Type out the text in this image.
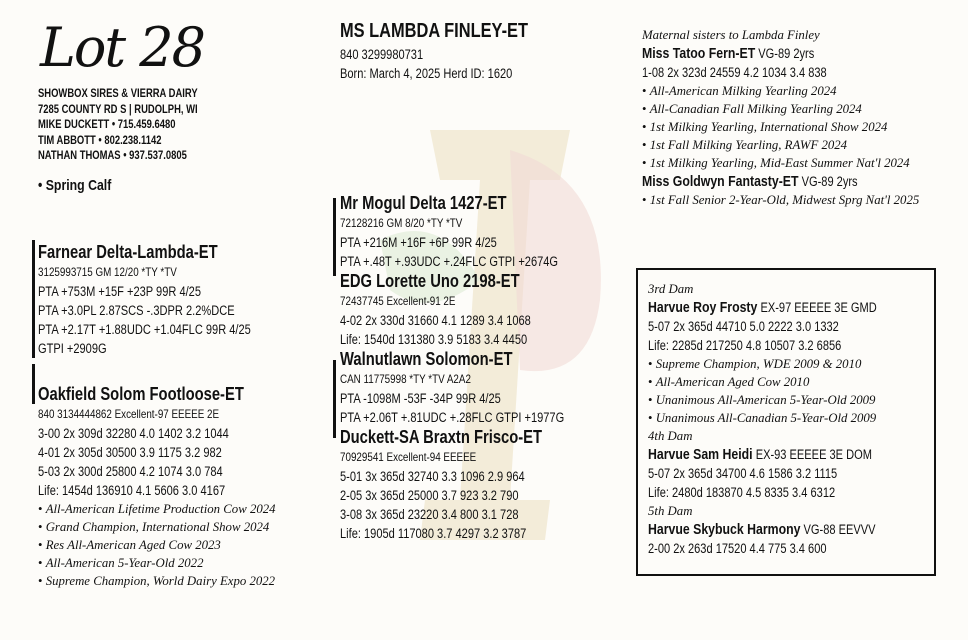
Lot 28
SHOWBOX SIRES & VIERRA DAIRY
7285 COUNTY RD S | RUDOLPH, WI
MIKE DUCKETT • 715.459.6480
TIM ABBOTT • 802.238.1142
NATHAN THOMAS • 937.537.0805
• Spring Calf
Farnear Delta-Lambda-ET
3125993715 GM 12/20 *TY *TV
PTA +753M +15F +23P 99R 4/25
PTA +3.0PL 2.87SCS -.3DPR 2.2%DCE
PTA +2.17T +1.88UDC +1.04FLC 99R 4/25
GTPI +2909G
Oakfield Solom Footloose-ET
840 3134444862 Excellent-97 EEEEE 2E
3-00 2x 309d 32280 4.0 1402 3.2 1044
4-01 2x 305d 30500 3.9 1175 3.2 982
5-03 2x 300d 25800 4.2 1074 3.0 784
Life: 1454d 136910 4.1 5606 3.0 4167
• All-American Lifetime Production Cow 2024
• Grand Champion, International Show 2024
• Res All-American Aged Cow 2023
• All-American 5-Year-Old 2022
• Supreme Champion, World Dairy Expo 2022
MS LAMBDA FINLEY-ET
840 3299980731
Born: March 4, 2025 Herd ID: 1620
Mr Mogul Delta 1427-ET
72128216 GM 8/20 *TY *TV
PTA +216M +16F +6P 99R 4/25
PTA +.48T +.93UDC +.24FLC GTPI +2674G
EDG Lorette Uno 2198-ET
72437745 Excellent-91 2E
4-02 2x 330d 31660 4.1 1289 3.4 1068
Life: 1540d 131380 3.9 5183 3.4 4450
Walnutlawn Solomon-ET
CAN 11775998 *TY *TV A2A2
PTA -1098M -53F -34P 99R 4/25
PTA +2.06T +.81UDC +.28FLC GTPI +1977G
Duckett-SA Braxtn Frisco-ET
70929541 Excellent-94 EEEEE
5-01 3x 365d 32740 3.3 1096 2.9 964
2-05 3x 365d 25000 3.7 923 3.2 790
3-08 3x 365d 23220 3.4 800 3.1 728
Life: 1905d 117080 3.7 4297 3.2 3787
Maternal sisters to Lambda Finley
Miss Tatoo Fern-ET VG-89 2yrs
1-08 2x 323d 24559 4.2 1034 3.4 838
• All-American Milking Yearling 2024
• All-Canadian Fall Milking Yearling 2024
• 1st Milking Yearling, International Show 2024
• 1st Fall Milking Yearling, RAWF 2024
• 1st Milking Yearling, Mid-East Summer Nat'l 2024
Miss Goldwyn Fantasty-ET VG-89 2yrs
• 1st Fall Senior 2-Year-Old, Midwest Sprg Nat'l 2025
3rd Dam
Harvue Roy Frosty EX-97 EEEEE 3E GMD
5-07 2x 365d 44710 5.0 2222 3.0 1332
Life: 2285d 217250 4.8 10507 3.2 6856
• Supreme Champion, WDE 2009 & 2010
• All-American Aged Cow 2010
• Unanimous All-American 5-Year-Old 2009
• Unanimous All-Canadian 5-Year-Old 2009
4th Dam
Harvue Sam Heidi EX-93 EEEEE 3E DOM
5-07 2x 365d 34700 4.6 1586 3.2 1115
Life: 2480d 183870 4.5 8335 3.4 6312
5th Dam
Harvue Skybuck Harmony VG-88 EEVVV
2-00 2x 263d 17520 4.4 775 3.4 600
